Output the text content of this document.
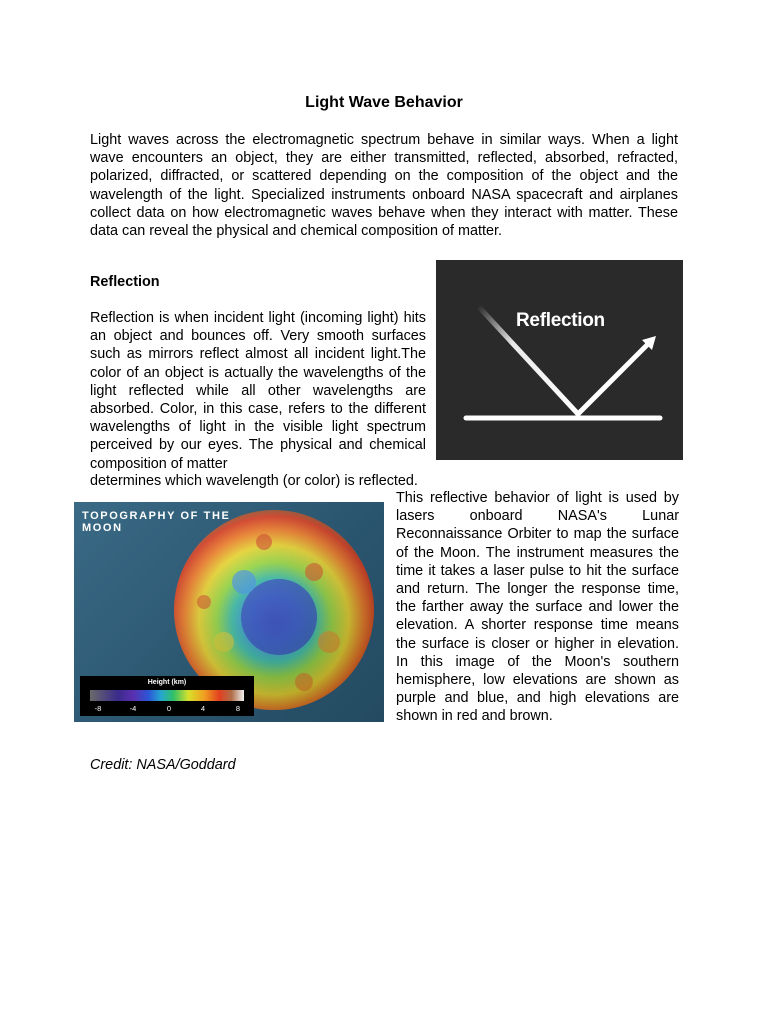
Light Wave Behavior

Light waves across the electromagnetic spectrum behave in similar ways. When a light wave encounters an object, they are either transmitted, reflected, absorbed, refracted, polarized, diffracted, or scattered depending on the composition of the object and the wavelength of the light. Specialized instruments onboard NASA spacecraft and airplanes collect data on how electromagnetic waves behave when they interact with matter. These data can reveal the physical and chemical composition of matter.

Reflection

Reflection is when incident light (incoming light) hits an object and bounces off. Very smooth surfaces such as mirrors reflect almost all incident light.The color of an object is actually the wavelengths of the light reflected while all other wavelengths are absorbed. Color, in this case, refers to the different wavelengths of light in the visible light spectrum perceived by our eyes. The physical and chemical composition of matter

determines which wavelength (or color) is reflected.

Reflection
TOPOGRAPHY OF THE MOON
Height (km)
-8	-4	0	4	8

This reflective behavior of light is used by lasers onboard NASA's Lunar Reconnaissance Orbiter to map the surface of the Moon. The instrument measures the time it takes a laser pulse to hit the surface and return. The longer the response time, the farther away the surface and lower the elevation. A shorter response time means the surface is closer or higher in elevation. In this image of the Moon's southern hemisphere, low elevations are shown as purple and blue, and high elevations are shown in red and brown.

Credit: NASA/Goddard
